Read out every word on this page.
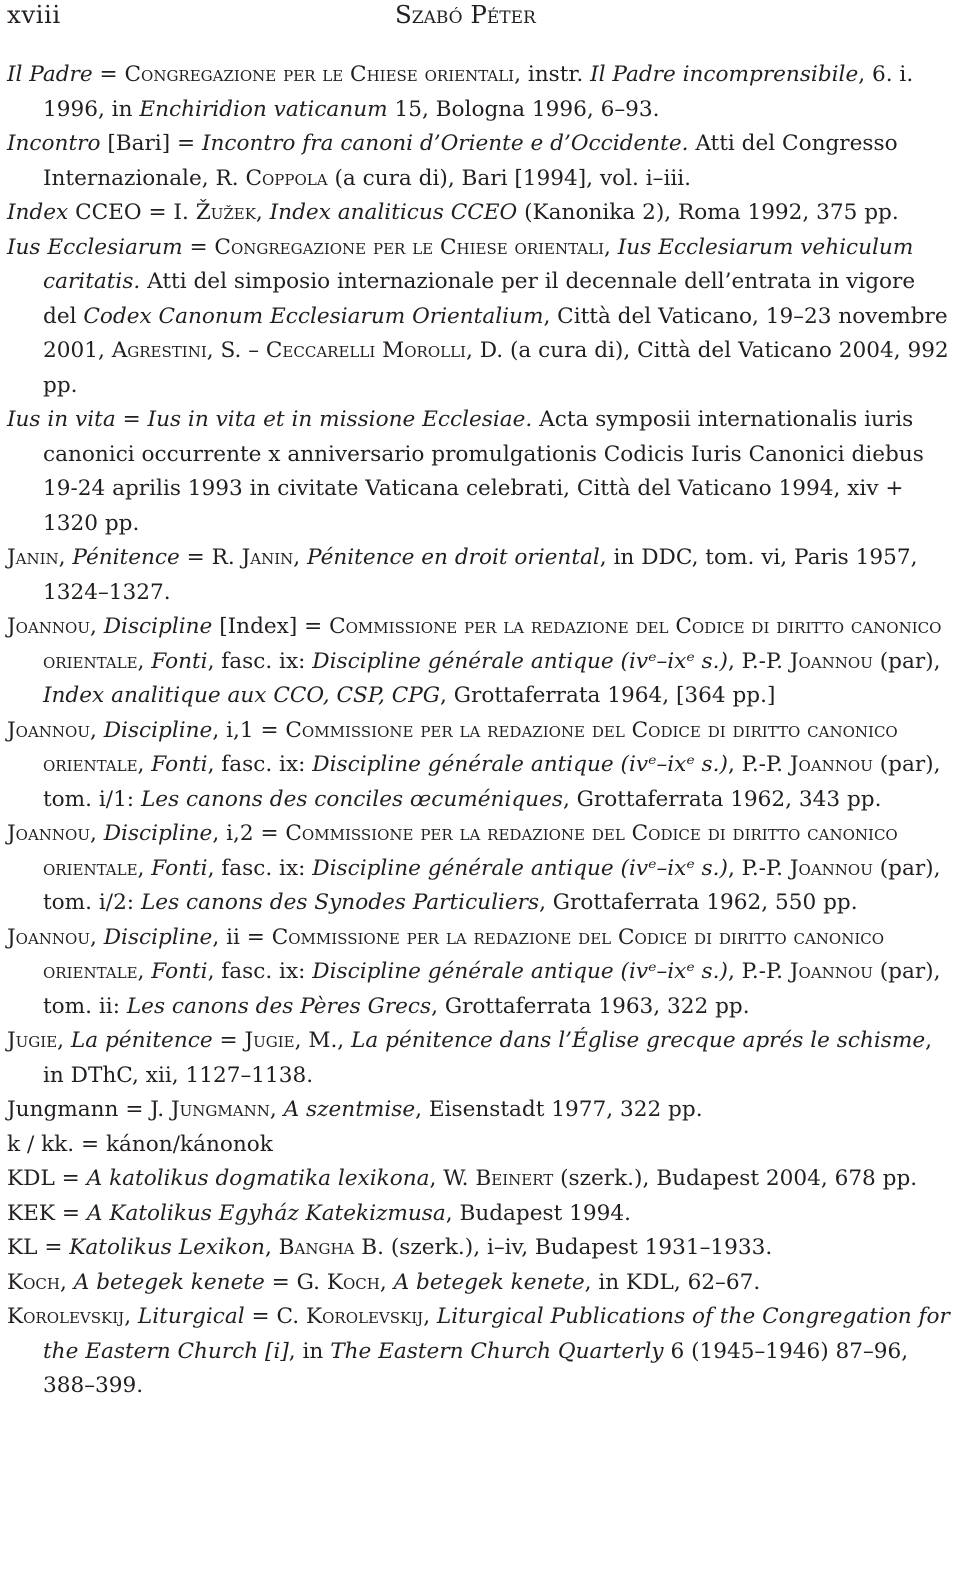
xviii	Szabó Péter

Il Padre = Congregazione per le Chiese orientali, instr. Il Padre incomprensibile, 6. i. 1996, in Enchiridion vaticanum 15, Bologna 1996, 6–93.

Incontro [Bari] = Incontro fra canoni d’Oriente e d’Occidente. Atti del Congresso Internazionale, R. Coppola (a cura di), Bari [1994], vol. i–iii.

Index CCEO = I. Žužek, Index analiticus CCEO (Kanonika 2), Roma 1992, 375 pp.

Ius Ecclesiarum = Congregazione per le Chiese orientali, Ius Ecclesiarum vehiculum caritatis. Atti del simposio internazionale per il decennale dell’entrata in vigore del Codex Canonum Ecclesiarum Orientalium, Città del Vaticano, 19–23 novembre 2001, Agrestini, S. – Ceccarelli Morolli, D. (a cura di), Città del Vaticano 2004, 992 pp.

Ius in vita = Ius in vita et in missione Ecclesiae. Acta symposii internationalis iuris canonici occurrente x anniversario promulgationis Codicis Iuris Canonici diebus 19-24 aprilis 1993 in civitate Vaticana celebrati, Città del Vaticano 1994, xiv + 1320 pp.

Janin, Pénitence = R. Janin, Pénitence en droit oriental, in DDC, tom. vi, Paris 1957, 1324–1327.

Joannou, Discipline [Index] = Commissione per la redazione del Codice di diritto canonico orientale, Fonti, fasc. ix: Discipline générale antique (ivᵉ–ixᵉ s.), P.-P. Joannou (par), Index analitique aux CCO, CSP, CPG, Grottaferrata 1964, [364 pp.]

Joannou, Discipline, i,1 = Commissione per la redazione del Codice di diritto canonico orientale, Fonti, fasc. ix: Discipline générale antique (ivᵉ–ixᵉ s.), P.-P. Joannou (par), tom. i/1: Les canons des conciles œcuméniques, Grottaferrata 1962, 343 pp.

Joannou, Discipline, i,2 = Commissione per la redazione del Codice di diritto canonico orientale, Fonti, fasc. ix: Discipline générale antique (ivᵉ–ixᵉ s.), P.-P. Joannou (par), tom. i/2: Les canons des Synodes Particuliers, Grottaferrata 1962, 550 pp.

Joannou, Discipline, ii = Commissione per la redazione del Codice di diritto canonico orientale, Fonti, fasc. ix: Discipline générale antique (ivᵉ–ixᵉ s.), P.-P. Joannou (par), tom. ii: Les canons des Pères Grecs, Grottaferrata 1963, 322 pp.

Jugie, La pénitence = Jugie, M., La pénitence dans l’Église grecque aprés le schisme, in DThC, xii, 1127–1138.

Jungmann = J. Jungmann, A szentmise, Eisenstadt 1977, 322 pp.

k / kk. = kánon/kánonok

KDL = A katolikus dogmatika lexikona, W. Beinert (szerk.), Budapest 2004, 678 pp.

KEK = A Katolikus Egyház Katekizmusa, Budapest 1994.

KL = Katolikus Lexikon, Bangha B. (szerk.), i–iv, Budapest 1931–1933.

Koch, A betegek kenete = G. Koch, A betegek kenete, in KDL, 62–67.

Korolevskij, Liturgical = C. Korolevskij, Liturgical Publications of the Congregation for the Eastern Church [i], in The Eastern Church Quarterly 6 (1945–1946) 87–96, 388–399.
